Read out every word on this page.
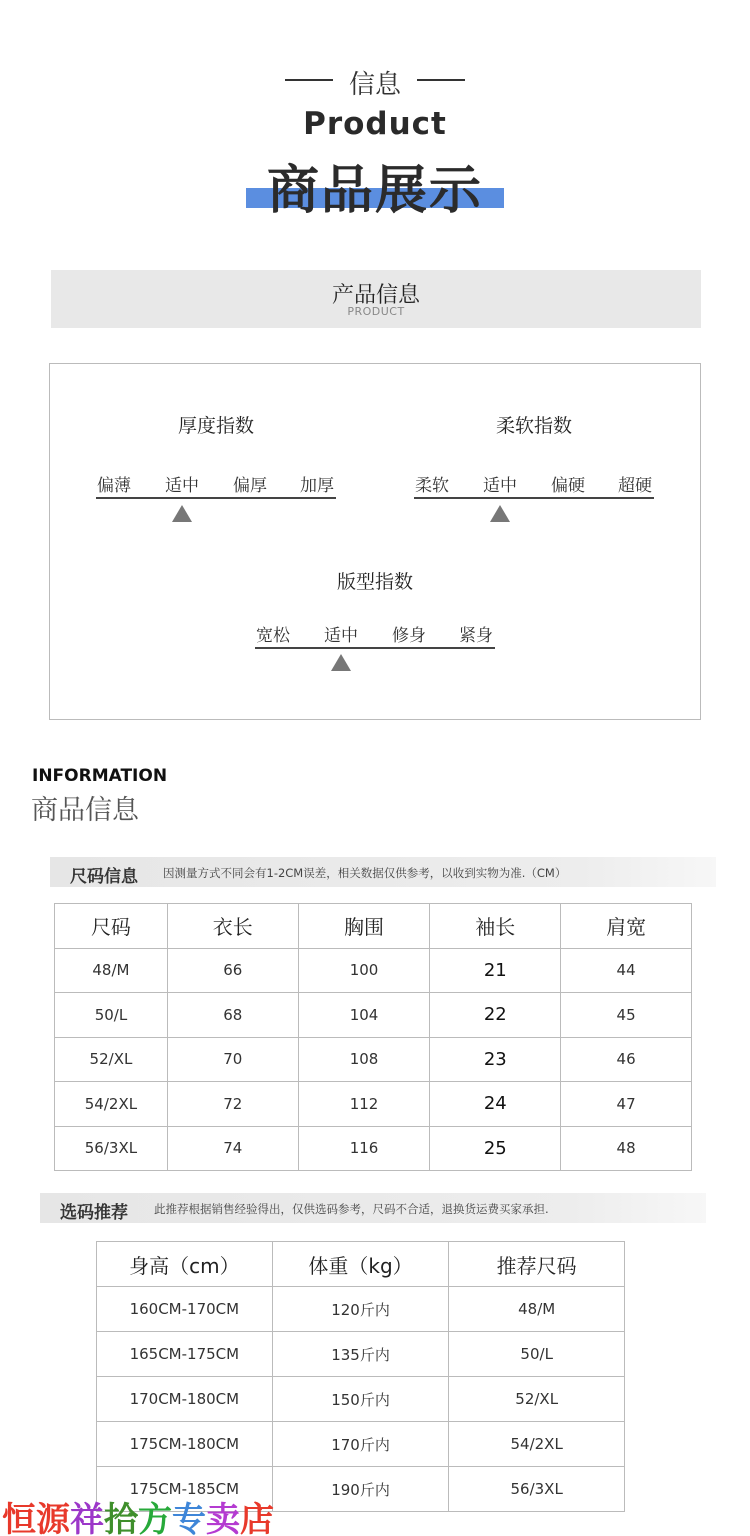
信息
Product
商品展示
产品信息
PRODUCT
厚度指数
偏薄	适中	偏厚	加厚
柔软指数
柔软	适中	偏硬	超硬
版型指数
宽松	适中	修身	紧身
INFORMATION
商品信息
尺码信息 因测量方式不同会有1-2CM误差，相关数据仅供参考，以收到实物为准.（CM）
尺码	衣长	胸围	袖长	肩宽
48/M	66	100	21	44
50/L	68	104	22	45
52/XL	70	108	23	46
54/2XL	72	112	24	47
56/3XL	74	116	25	48
选码推荐 此推荐根据销售经验得出，仅供选码参考，尺码不合适，退换货运费买家承担.
身高（cm）	体重（kg）	推荐尺码
160CM-170CM	120斤内	48/M
165CM-175CM	135斤内	50/L
170CM-180CM	150斤内	52/XL
175CM-180CM	170斤内	54/2XL
175CM-185CM	190斤内	56/3XL
恒源祥拾方专卖店
